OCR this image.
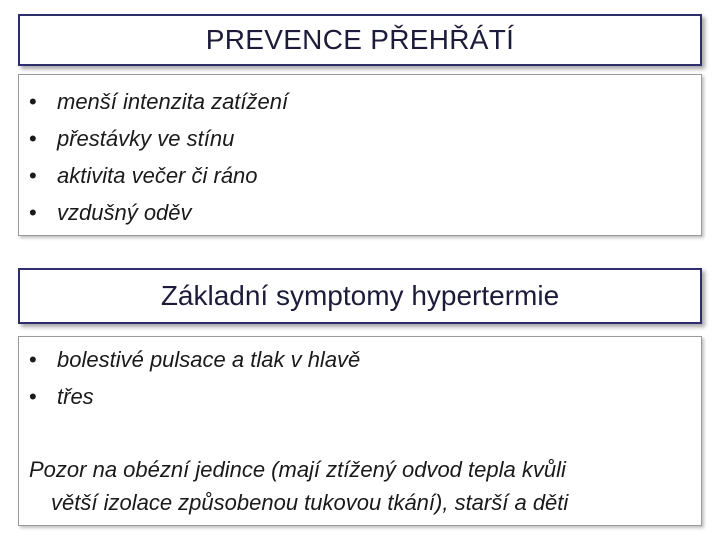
PREVENCE PŘEHŘÁTÍ
• menší intenzita zatížení
• přestávky ve stínu
• aktivita večer či ráno
• vzdušný oděv
Základní symptomy hypertermie
• bolestivé pulsace a tlak v hlavě
• třes
Pozor na obézní jedince (mají ztížený odvod tepla kvůli
větší izolace způsobenou tukovou tkání), starší a děti
